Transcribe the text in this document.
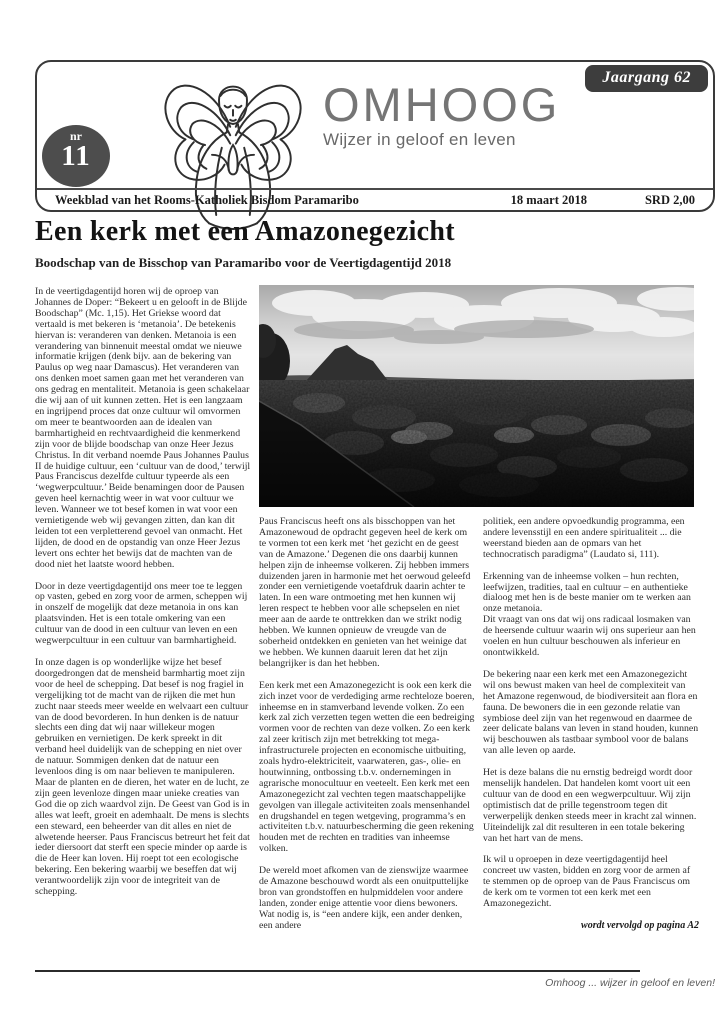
Jaargang 62
nr
11
OMHOOG
Wijzer in geloof en leven
Weekblad van het Rooms-Katholiek Bisdom Paramaribo	18 maart 2018	SRD 2,00
Een kerk met een Amazonegezicht
Boodschap van de Bisschop van Paramaribo voor de Veertigdagentijd 2018

In de veertigdagentijd horen wij de oproep van Johannes de Doper: “Bekeert u en gelooft in de Blijde Boodschap” (Mc. 1,15). Het Griekse woord dat vertaald is met bekeren is ‘metanoia’. De betekenis hiervan is: veranderen van denken. Metanoia is een verandering van binnenuit meestal omdat we nieuwe informatie krijgen (denk bijv. aan de bekering van Paulus op weg naar Damascus). Het veranderen van ons denken moet samen gaan met het veranderen van ons gedrag en mentaliteit. Metanoia is geen schakelaar die wij aan of uit kunnen zetten. Het is een langzaam en ingrijpend proces dat onze cultuur wil omvormen om meer te beantwoorden aan de idealen van barmhartigheid en rechtvaardigheid die kenmerkend zijn voor de blijde boodschap van onze Heer Jezus Christus. In dit verband noemde Paus Johannes Paulus II de huidige cultuur, een ‘cultuur van de dood,’ terwijl Paus Franciscus dezelfde cultuur typeerde als een ‘wegwerpcultuur.’ Beide benamingen door de Pausen geven heel kernachtig weer in wat voor cultuur we leven. Wanneer we tot besef komen in wat voor een vernietigende web wij gevangen zitten, dan kan dit leiden tot een verpletterend gevoel van onmacht. Het lijden, de dood en de opstandig van onze Heer Jezus levert ons echter het bewijs dat de machten van de dood niet het laatste woord hebben.

Door in deze veertigdagentijd ons meer toe te leggen op vasten, gebed en zorg voor de armen, scheppen wij in onszelf de mogelijk dat deze metanoia in ons kan plaatsvinden. Het is een totale omkering van een cultuur van de dood in een cultuur van leven en een wegwerpcultuur in een cultuur van barmhartigheid.

In onze dagen is op wonderlijke wijze het besef doorgedrongen dat de mensheid barmhartig moet zijn voor de heel de schepping. Dat besef is nog fragiel in vergelijking tot de macht van de rijken die met hun zucht naar steeds meer weelde en welvaart een cultuur van de dood bevorderen. In hun denken is de natuur slechts een ding dat wij naar willekeur mogen gebruiken en vernietigen. De kerk spreekt in dit verband heel duidelijk van de schepping en niet over de natuur. Sommigen denken dat de natuur een levenloos ding is om naar believen te manipuleren. Maar de planten en de dieren, het water en de lucht, ze zijn geen levenloze dingen maar unieke creaties van God die op zich waardvol zijn. De Geest van God is in alles wat leeft, groeit en ademhaalt. De mens is slechts een steward, een beheerder van dit alles en niet de alwetende heerser. Paus Franciscus betreurt het feit dat ieder diersoort dat sterft een specie minder op aarde is die de Heer kan loven. Hij roept tot een ecologische bekering. Een bekering waarbij we beseffen dat wij verantwoordelijk zijn voor de integriteit van de schepping.

Paus Franciscus heeft ons als bisschoppen van het Amazonewoud de opdracht gegeven heel de kerk om te vormen tot een kerk met ‘het gezicht en de geest van de Amazone.’ Degenen die ons daarbij kunnen helpen zijn de inheemse volkeren. Zij hebben immers duizenden jaren in harmonie met het oerwoud geleefd zonder een vernietigende voetafdruk daarin achter te laten. In een ware ontmoeting met hen kunnen wij leren respect te hebben voor alle schepselen en niet meer aan de aarde te onttrekken dan we strikt nodig hebben. We kunnen opnieuw de vreugde van de soberheid ontdekken en genieten van het weinige dat we hebben. We kunnen daaruit leren dat het zijn belangrijker is dan het hebben.

Een kerk met een Amazonegezicht is ook een kerk die zich inzet voor de verdediging arme rechteloze boeren, inheemse en in stamverband levende volken. Zo een kerk zal zich verzetten tegen wetten die een bedreiging vormen voor de rechten van deze volken. Zo een kerk zal zeer kritisch zijn met betrekking tot mega-infrastructurele projecten en economische uitbuiting, zoals hydro-elektriciteit, vaarwateren, gas-, olie- en houtwinning, ontbossing t.b.v. ondernemingen in agrarische monocultuur en veeteelt. Een kerk met een Amazonegezicht zal vechten tegen maatschappelijke gevolgen van illegale activiteiten zoals mensenhandel en drugshandel en tegen wetgeving, programma’s en activiteiten t.b.v. natuurbescherming die geen rekening houden met de rechten en tradities van inheemse volken.

De wereld moet afkomen van de zienswijze waarmee de Amazone beschouwd wordt als een onuitputtelijke bron van grondstoffen en hulpmiddelen voor andere landen, zonder enige attentie voor diens bewoners. Wat nodig is, is “een andere kijk, een ander denken, een andere

politiek, een andere opvoedkundig programma, een andere levensstijl en een andere spiritualiteit ... die weerstand bieden aan de opmars van het technocratisch paradigma” (Laudato si, 111).

Erkenning van de inheemse volken – hun rechten, leefwijzen, tradities, taal en cultuur – en authentieke dialoog met hen is de beste manier om te werken aan onze metanoia.

Dit vraagt van ons dat wij ons radicaal losmaken van de heersende cultuur waarin wij ons superieur aan hen voelen en hun cultuur beschouwen als inferieur en onontwikkeld.

De bekering naar een kerk met een Amazonegezicht wil ons bewust maken van heel de complexiteit van het Amazone regenwoud, de biodiversiteit aan flora en fauna. De bewoners die in een gezonde relatie van symbiose deel zijn van het regenwoud en daarmee de zeer delicate balans van leven in stand houden, kunnen wij beschouwen als tastbaar symbool voor de balans van alle leven op aarde.

Het is deze balans die nu ernstig bedreigd wordt door menselijk handelen. Dat handelen komt voort uit een cultuur van de dood en een wegwerpcultuur. Wij zijn optimistisch dat de prille tegenstroom tegen dit verwerpelijk denken steeds meer in kracht zal winnen. Uiteindelijk zal dit resulteren in een totale bekering van het hart van de mens.

Ik wil u oproepen in deze veertigdagentijd heel concreet uw vasten, bidden en zorg voor de armen af te stemmen op de oproep van de Paus Franciscus om de kerk om te vormen tot een kerk met een Amazonegezicht.

wordt vervolgd op pagina A2
Omhoog ... wijzer in geloof en leven!
